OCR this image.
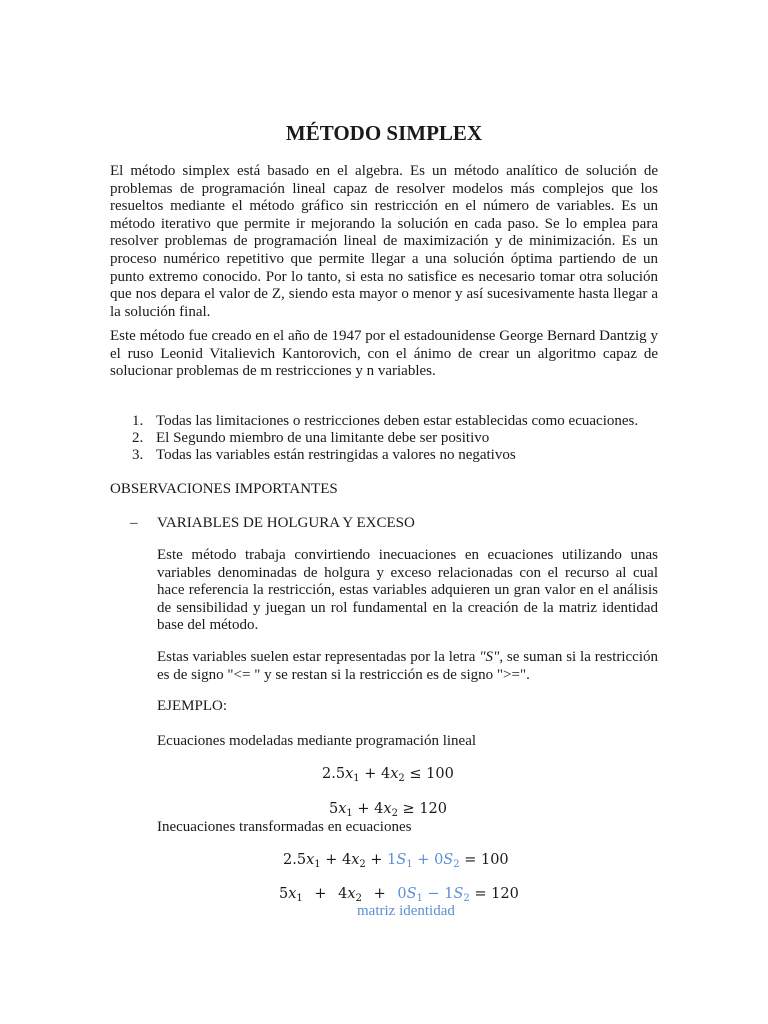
MÉTODO SIMPLEX

El método simplex está basado en el algebra. Es un método analítico de solución de problemas de programación lineal capaz de resolver modelos más complejos que los resueltos mediante el método gráfico sin restricción en el número de variables. Es un método iterativo que permite ir mejorando la solución en cada paso. Se lo emplea para resolver problemas de programación lineal de maximización y de minimización. Es un proceso numérico repetitivo que permite llegar a una solución óptima partiendo de un punto extremo conocido. Por lo tanto, si esta no satisfice es necesario tomar otra solución que nos depara el valor de Z, siendo esta mayor o menor y así sucesivamente hasta llegar a la solución final.

Este método fue creado en el año de 1947 por el estadounidense George Bernard Dantzig y el ruso Leonid Vitalievich Kantorovich, con el ánimo de crear un algoritmo capaz de solucionar problemas de m restricciones y n variables.

1. Todas las limitaciones o restricciones deben estar establecidas como ecuaciones.
2. El Segundo miembro de una limitante debe ser positivo
3. Todas las variables están restringidas a valores no negativos
OBSERVACIONES IMPORTANTES
– VARIABLES DE HOLGURA Y EXCESO

Este método trabaja convirtiendo inecuaciones en ecuaciones utilizando unas variables denominadas de holgura y exceso relacionadas con el recurso al cual hace referencia la restricción, estas variables adquieren un gran valor en el análisis de sensibilidad y juegan un rol fundamental en la creación de la matriz identidad base del método.

Estas variables suelen estar representadas por la letra "S", se suman si la restricción es de signo "<= " y se restan si la restricción es de signo ">=".

EJEMPLO:
Ecuaciones modeladas mediante programación lineal
$2.5x_1 + 4x_2 \le 100$
$5x_1 + 4x_2 \ge 120$
Inecuaciones transformadas en ecuaciones
$2.5x_1 + 4x_2 + 1S_1 + 0S_2 = 100$
$5x_1 + 4x_2 + 0S_1 - 1S_2 = 120$
matriz identidad
